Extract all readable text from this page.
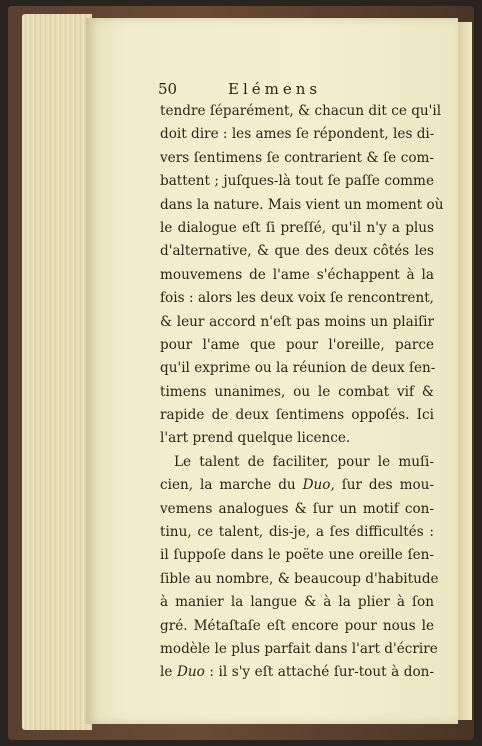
50	Elémens
tendre ſéparément, & chacun dit ce qu'il
doit dire : les ames ſe répondent, les di-
vers ſentimens ſe contrarient & ſe com-
battent ; juſques-là tout ſe paſſe comme
dans la nature. Mais vient un moment où
le dialogue eſt ſi preſſé, qu'il n'y a plus
d'alternative, & que des deux côtés les
mouvemens de l'ame s'échappent à la
fois : alors les deux voix ſe rencontrent,
& leur accord n'eſt pas moins un plaiſir
pour l'ame que pour l'oreille, parce
qu'il exprime ou la réunion de deux ſen-
timens unanimes, ou le combat vif &
rapide de deux ſentimens oppoſés. Ici
l'art prend quelque licence.
Le talent de faciliter, pour le muſi-
cien, la marche du Duo, ſur des mou-
vemens analogues & ſur un motif con-
tinu, ce talent, dis-je, a ſes difficultés :
il ſuppoſe dans le poëte une oreille ſen-
ſible au nombre, & beaucoup d'habitude
à manier la langue & à la plier à ſon
gré. Métaſtaſe eſt encore pour nous le
modèle le plus parfait dans l'art d'écrire
le Duo : il s'y eſt attaché ſur-tout à don-
